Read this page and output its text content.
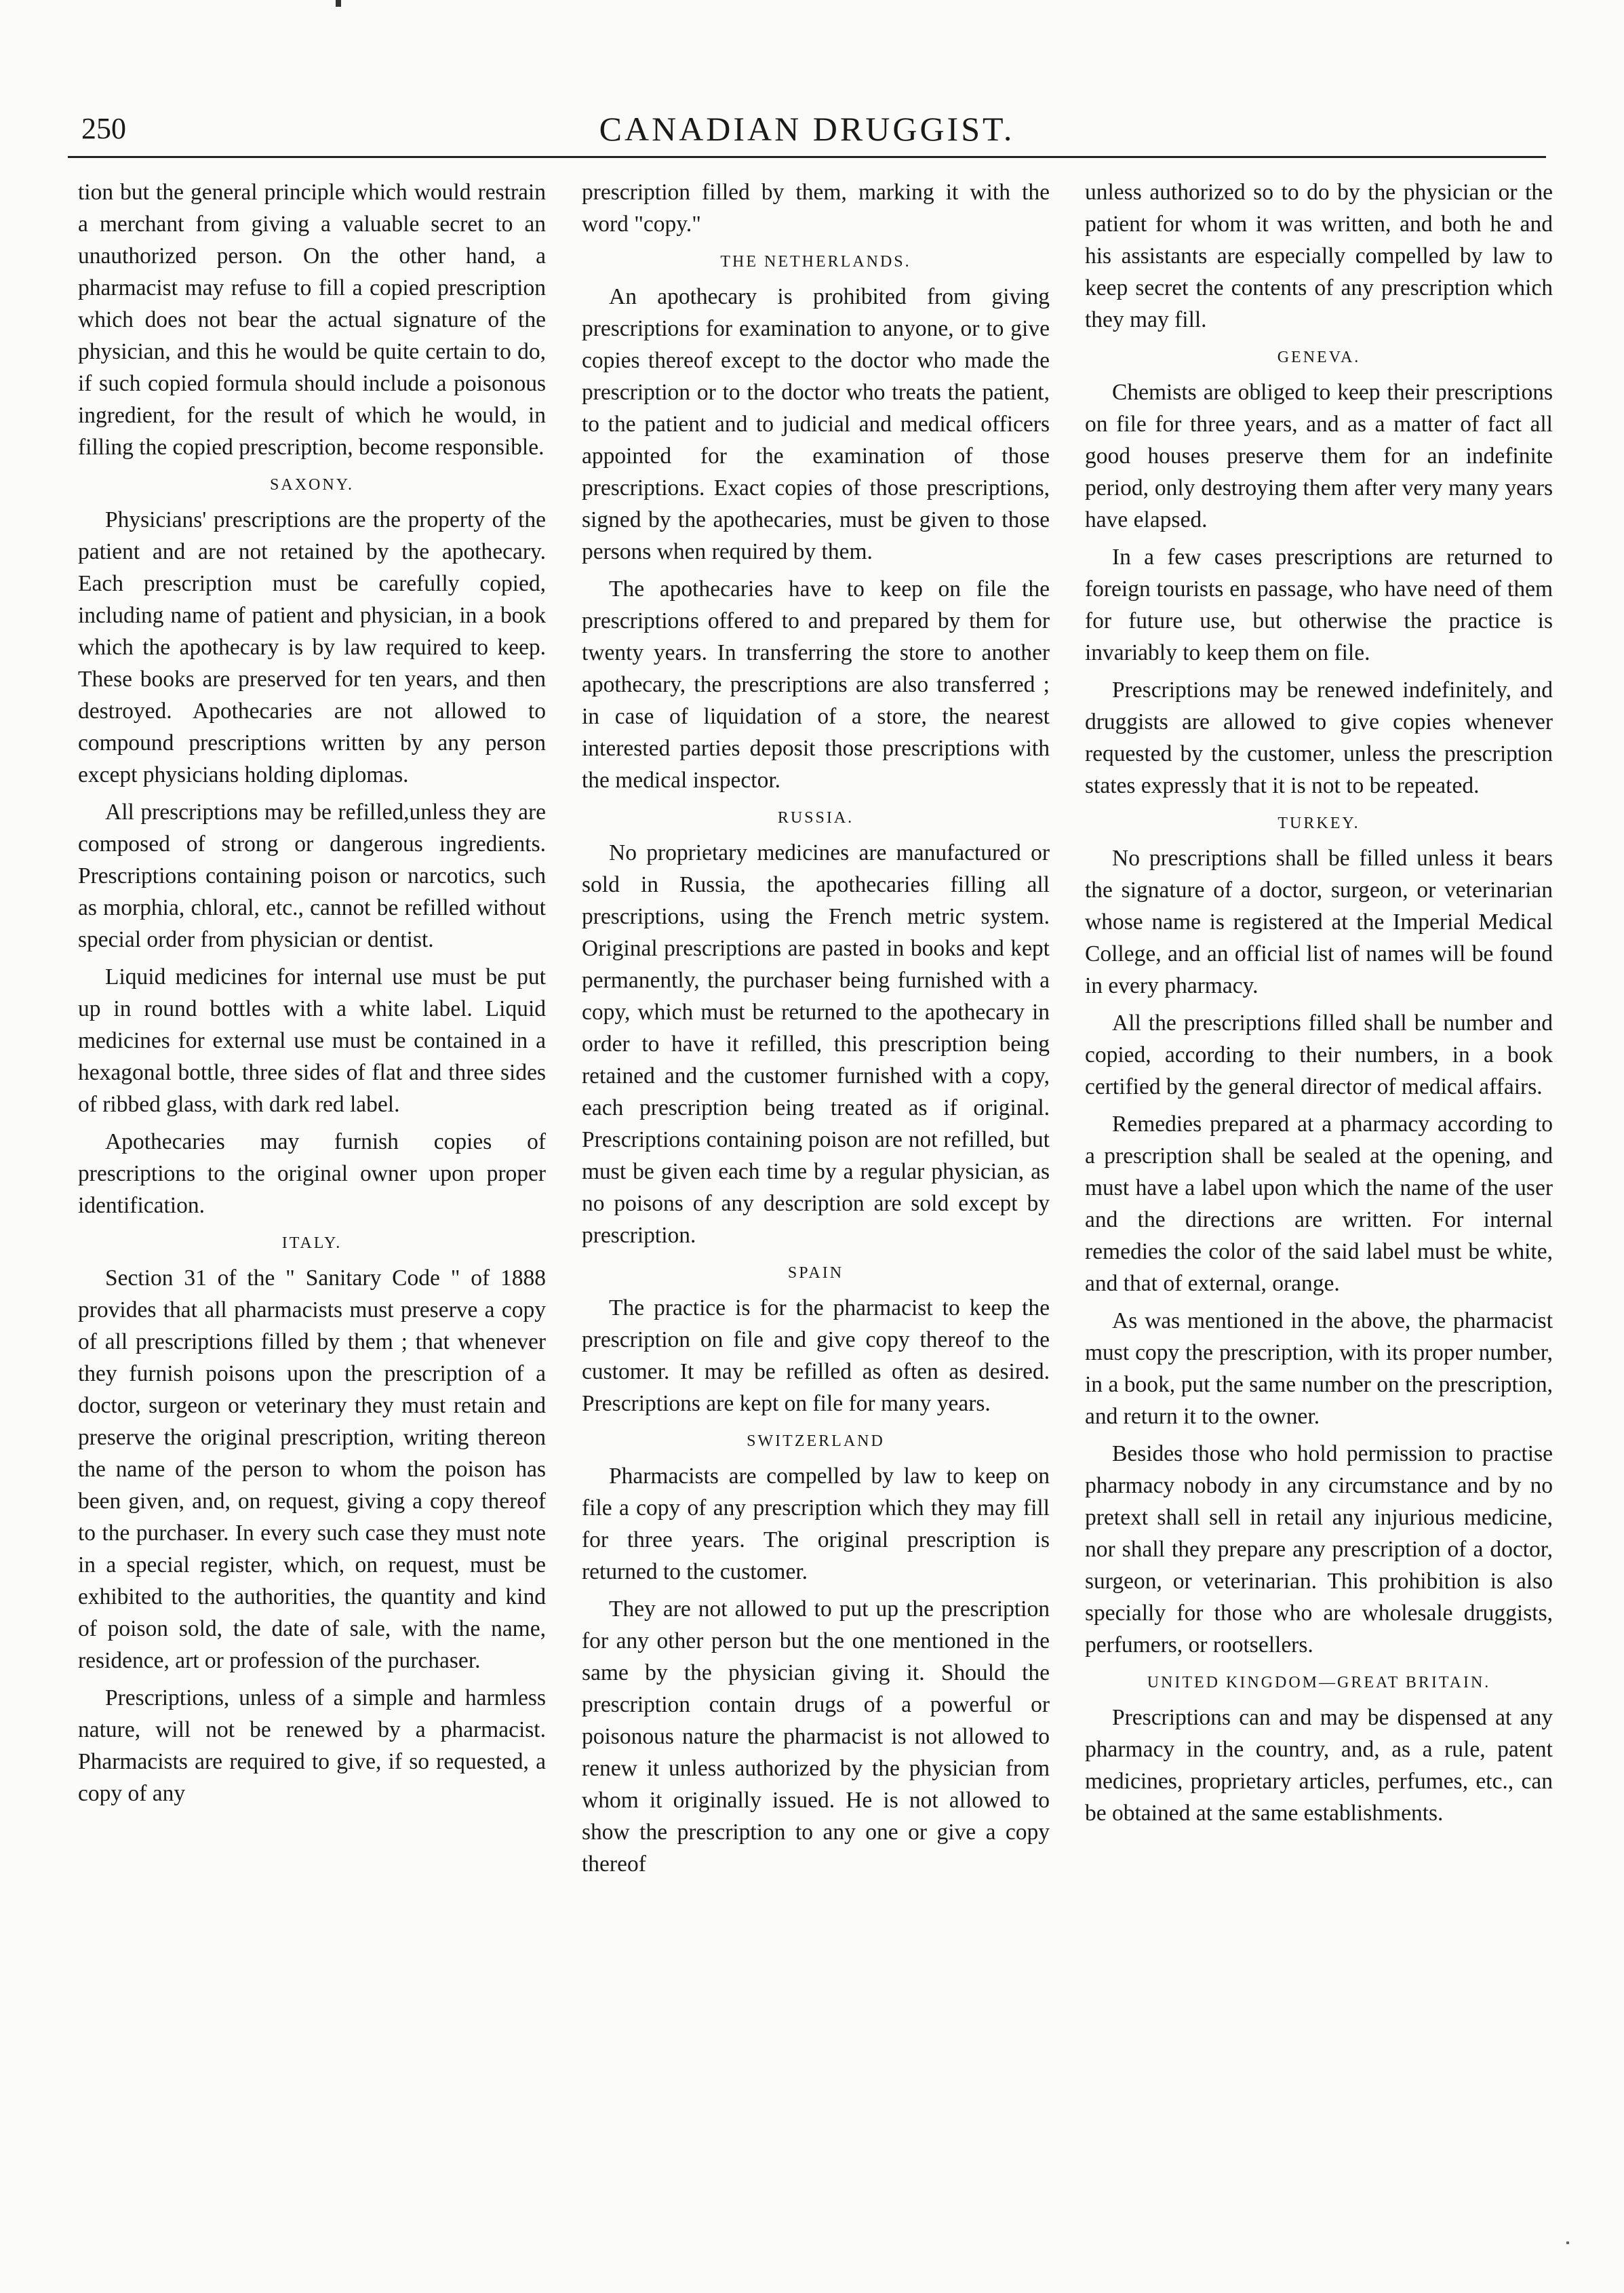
250	CANADIAN DRUGGIST.

tion but the general principle which would restrain a merchant from giving a valuable secret to an unauthorized person. On the other hand, a pharmacist may refuse to fill a copied prescription which does not bear the actual signature of the physician, and this he would be quite certain to do, if such copied formula should include a poisonous ingredient, for the result of which he would, in filling the copied prescription, become responsible.

SAXONY.

Physicians' prescriptions are the property of the patient and are not retained by the apothecary. Each prescription must be carefully copied, including name of patient and physician, in a book which the apothecary is by law required to keep. These books are preserved for ten years, and then destroyed. Apothecaries are not allowed to compound prescriptions written by any person except physicians holding diplomas.

All prescriptions may be refilled,unless they are composed of strong or dangerous ingredients. Prescriptions containing poison or narcotics, such as morphia, chloral, etc., cannot be refilled without special order from physician or dentist.

Liquid medicines for internal use must be put up in round bottles with a white label. Liquid medicines for external use must be contained in a hexagonal bottle, three sides of flat and three sides of ribbed glass, with dark red label.

Apothecaries may furnish copies of prescriptions to the original owner upon proper identification.

ITALY.

Section 31 of the " Sanitary Code " of 1888 provides that all pharmacists must preserve a copy of all prescriptions filled by them ; that whenever they furnish poisons upon the prescription of a doctor, surgeon or veterinary they must retain and preserve the original prescription, writing thereon the name of the person to whom the poison has been given, and, on request, giving a copy thereof to the purchaser. In every such case they must note in a special register, which, on request, must be exhibited to the authorities, the quantity and kind of poison sold, the date of sale, with the name, residence, art or profession of the purchaser.

Prescriptions, unless of a simple and harmless nature, will not be renewed by a pharmacist. Pharmacists are required to give, if so requested, a copy of any

prescription filled by them, marking it with the word "copy."

THE NETHERLANDS.

An apothecary is prohibited from giving prescriptions for examination to anyone, or to give copies thereof except to the doctor who made the prescription or to the doctor who treats the patient, to the patient and to judicial and medical officers appointed for the examination of those prescriptions. Exact copies of those prescriptions, signed by the apothecaries, must be given to those persons when required by them.

The apothecaries have to keep on file the prescriptions offered to and prepared by them for twenty years. In transferring the store to another apothecary, the prescriptions are also transferred ; in case of liquidation of a store, the nearest interested parties deposit those prescriptions with the medical inspector.

RUSSIA.

No proprietary medicines are manufactured or sold in Russia, the apothecaries filling all prescriptions, using the French metric system. Original prescriptions are pasted in books and kept permanently, the purchaser being furnished with a copy, which must be returned to the apothecary in order to have it refilled, this prescription being retained and the customer furnished with a copy, each prescription being treated as if original. Prescriptions containing poison are not refilled, but must be given each time by a regular physician, as no poisons of any description are sold except by prescription.

SPAIN

The practice is for the pharmacist to keep the prescription on file and give copy thereof to the customer. It may be refilled as often as desired. Prescriptions are kept on file for many years.

SWITZERLAND

Pharmacists are compelled by law to keep on file a copy of any prescription which they may fill for three years. The original prescription is returned to the customer.

They are not allowed to put up the prescription for any other person but the one mentioned in the same by the physician giving it. Should the prescription contain drugs of a powerful or poisonous nature the pharmacist is not allowed to renew it unless authorized by the physician from whom it originally issued. He is not allowed to show the prescription to any one or give a copy thereof

unless authorized so to do by the physician or the patient for whom it was written, and both he and his assistants are especially compelled by law to keep secret the contents of any prescription which they may fill.

GENEVA.

Chemists are obliged to keep their prescriptions on file for three years, and as a matter of fact all good houses preserve them for an indefinite period, only destroying them after very many years have elapsed.

In a few cases prescriptions are returned to foreign tourists en passage, who have need of them for future use, but otherwise the practice is invariably to keep them on file.

Prescriptions may be renewed indefinitely, and druggists are allowed to give copies whenever requested by the customer, unless the prescription states expressly that it is not to be repeated.

TURKEY.

No prescriptions shall be filled unless it bears the signature of a doctor, surgeon, or veterinarian whose name is registered at the Imperial Medical College, and an official list of names will be found in every pharmacy.

All the prescriptions filled shall be number and copied, according to their numbers, in a book certified by the general director of medical affairs.

Remedies prepared at a pharmacy according to a prescription shall be sealed at the opening, and must have a label upon which the name of the user and the directions are written. For internal remedies the color of the said label must be white, and that of external, orange.

As was mentioned in the above, the pharmacist must copy the prescription, with its proper number, in a book, put the same number on the prescription, and return it to the owner.

Besides those who hold permission to practise pharmacy nobody in any circumstance and by no pretext shall sell in retail any injurious medicine, nor shall they prepare any prescription of a doctor, surgeon, or veterinarian. This prohibition is also specially for those who are wholesale druggists, perfumers, or rootsellers.

UNITED KINGDOM—GREAT BRITAIN.

Prescriptions can and may be dispensed at any pharmacy in the country, and, as a rule, patent medicines, proprietary articles, perfumes, etc., can be obtained at the same establishments.
